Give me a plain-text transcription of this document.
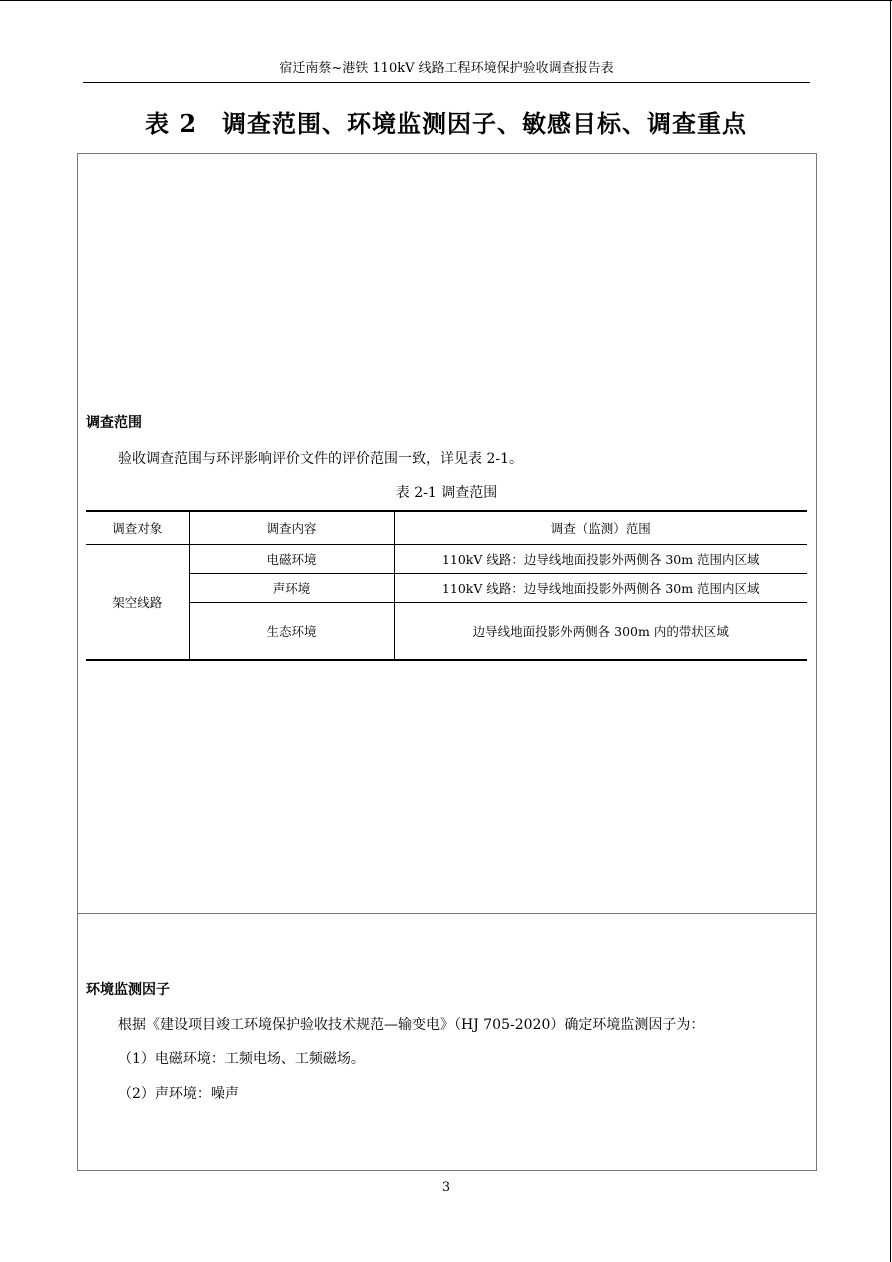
宿迁南蔡~港铁 110kV 线路工程环境保护验收调查报告表
表 2　调查范围、环境监测因子、敏感目标、调查重点
调查范围
验收调查范围与环评影响评价文件的评价范围一致，详见表 2-1。
表 2-1 调查范围
调查对象	调查内容	调查（监测）范围
架空线路	电磁环境	110kV 线路：边导线地面投影外两侧各 30m 范围内区域
	声环境	110kV 线路：边导线地面投影外两侧各 30m 范围内区域
	生态环境	边导线地面投影外两侧各 300m 内的带状区域
环境监测因子
根据《建设项目竣工环境保护验收技术规范—输变电》（HJ 705-2020）确定环境监测因子为：
（1）电磁环境：工频电场、工频磁场。
（2）声环境：噪声
3
